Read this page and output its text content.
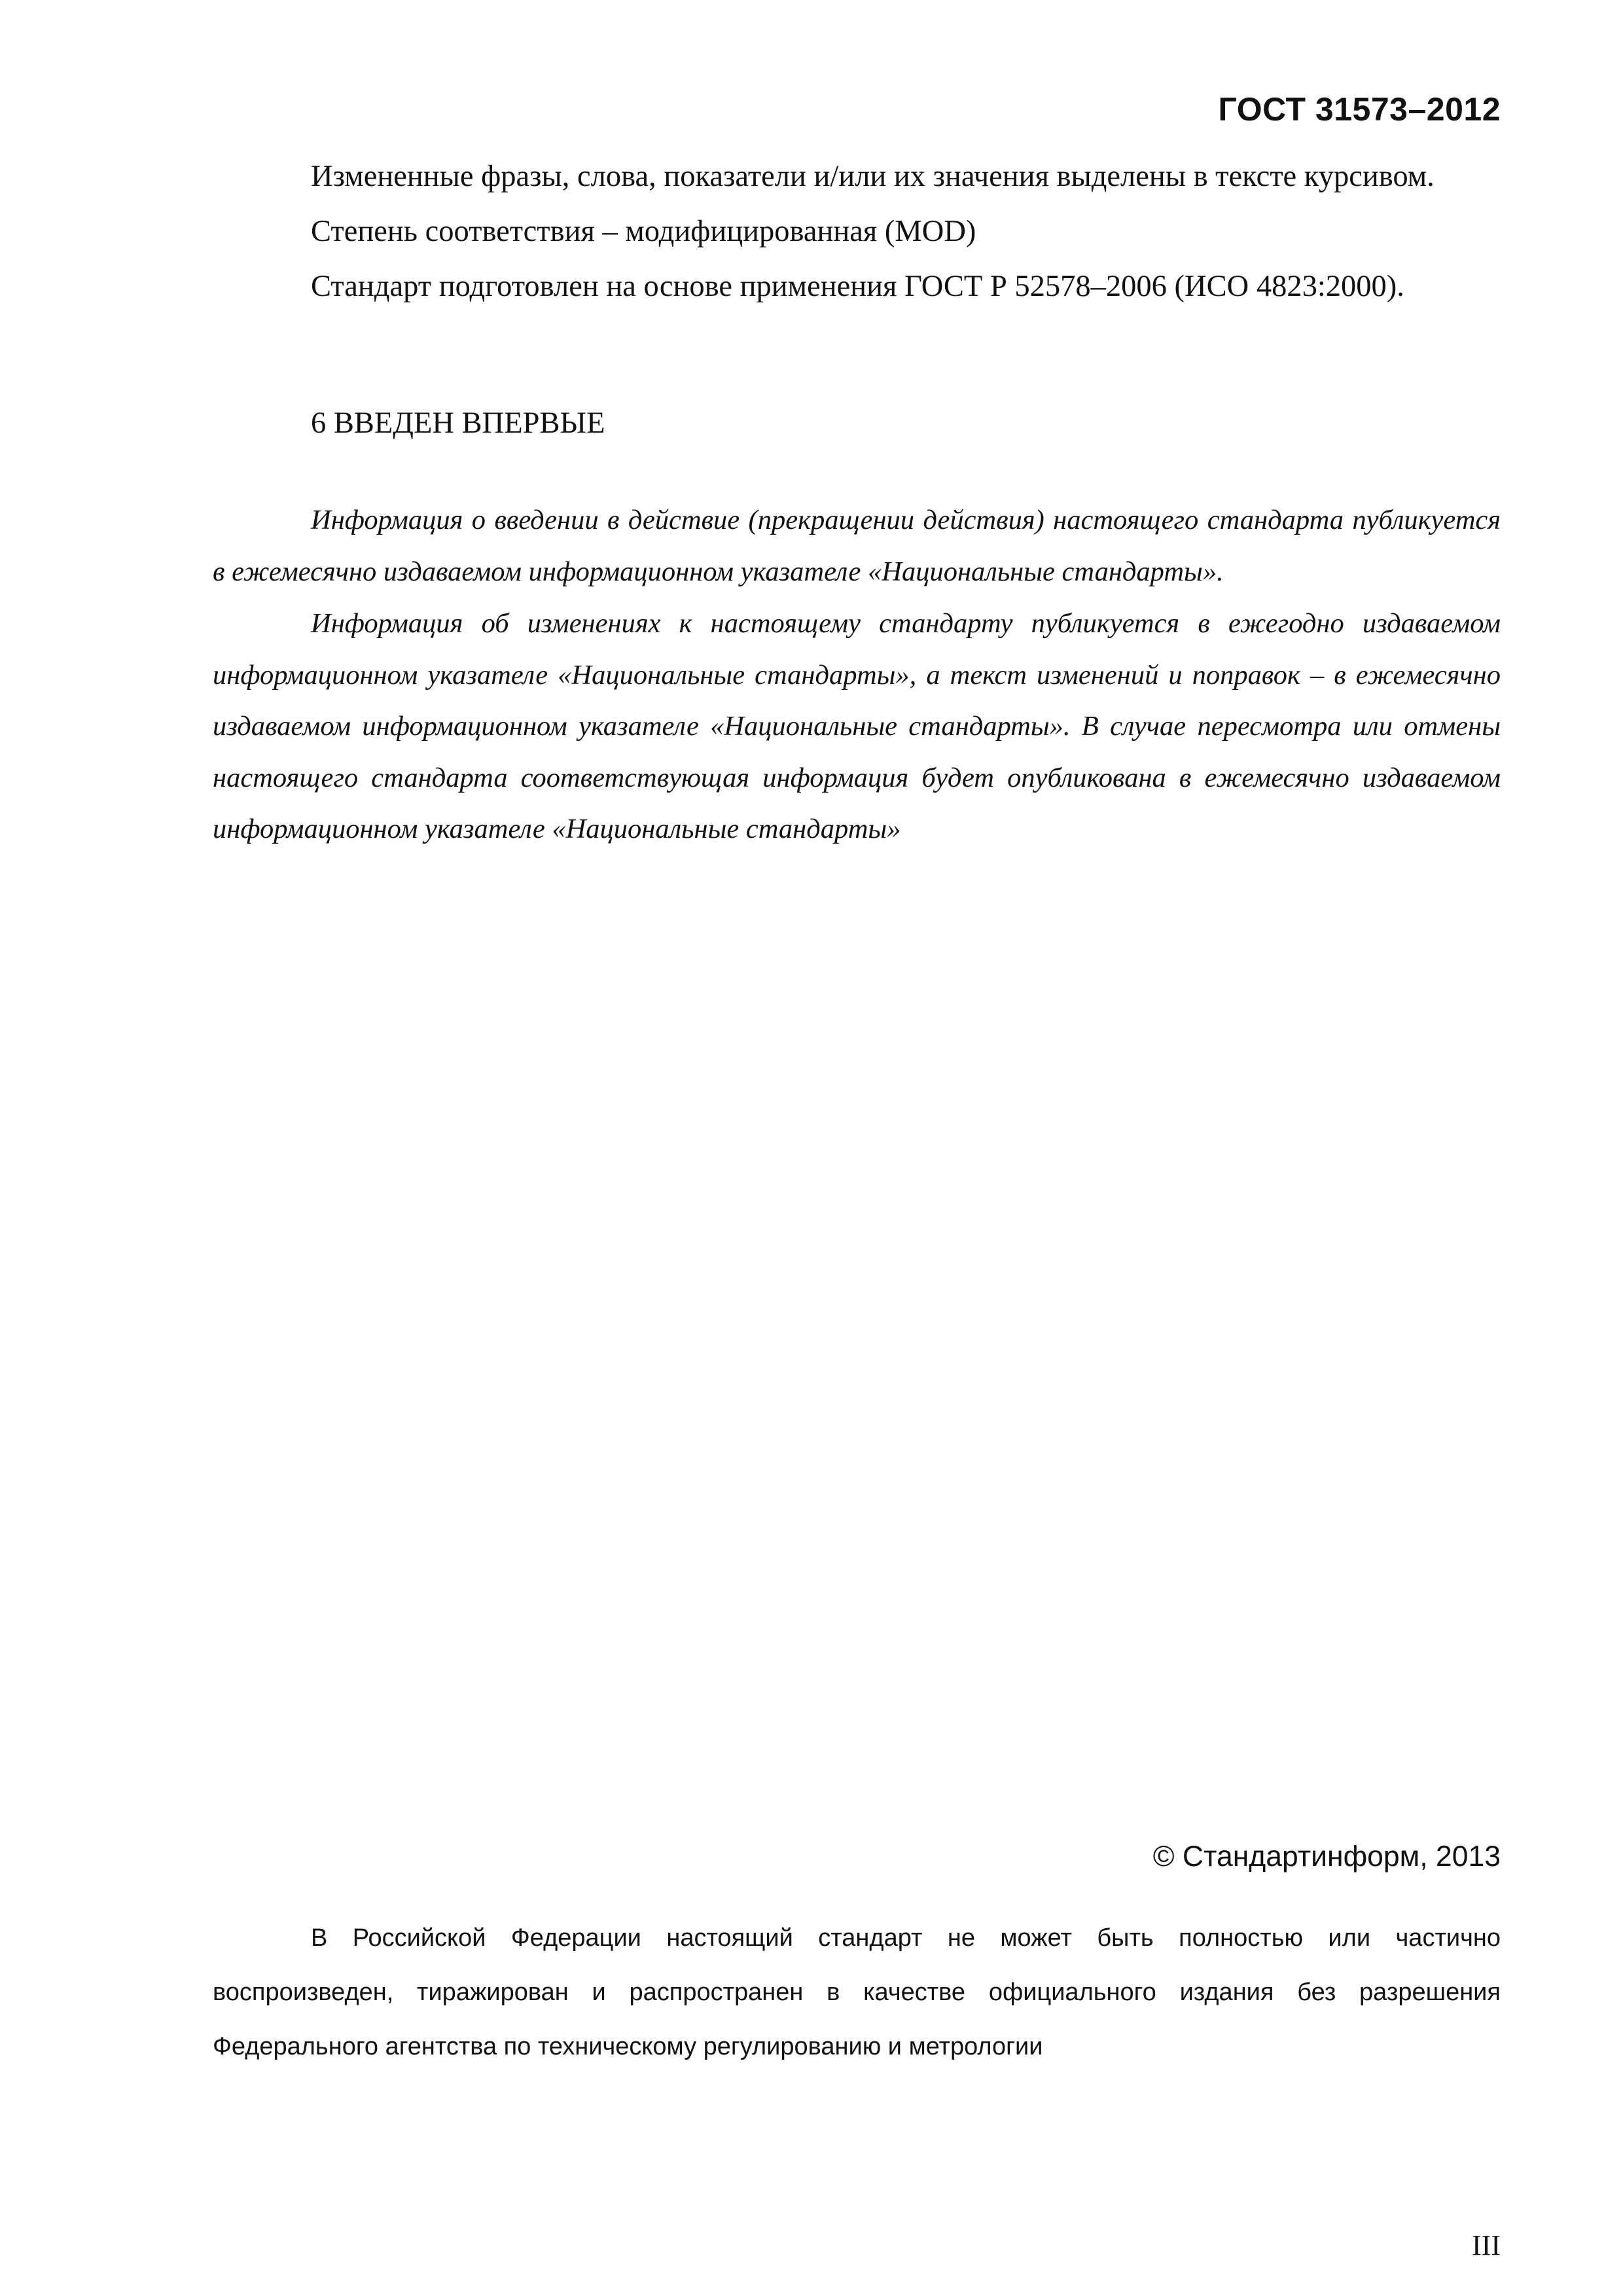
ГОСТ 31573–2012

Измененные фразы, слова, показатели и/или их значения выделены в тексте курсивом.

Степень соответствия – модифицированная (MOD)

Стандарт подготовлен на основе применения ГОСТ Р 52578–2006 (ИСО 4823:2000).

6 ВВЕДЕН ВПЕРВЫЕ

Информация о введении в действие (прекращении действия) настоящего стандарта публикуется в ежемесячно издаваемом информационном указателе «Национальные стандарты».

Информация об изменениях к настоящему стандарту публикуется в ежегодно издаваемом информационном указателе «Национальные стандарты», а текст изменений и поправок – в ежемесячно издаваемом информационном указателе «Национальные стандарты». В случае пересмотра или отмены настоящего стандарта соответствующая информация будет опубликована в ежемесячно издаваемом информационном указателе «Национальные стандарты»

© Стандартинформ, 2013

В Российской Федерации настоящий стандарт не может быть полностью или частично воспроизведен, тиражирован и распространен в качестве официального издания без разрешения Федерального агентства по техническому регулированию и метрологии

III
